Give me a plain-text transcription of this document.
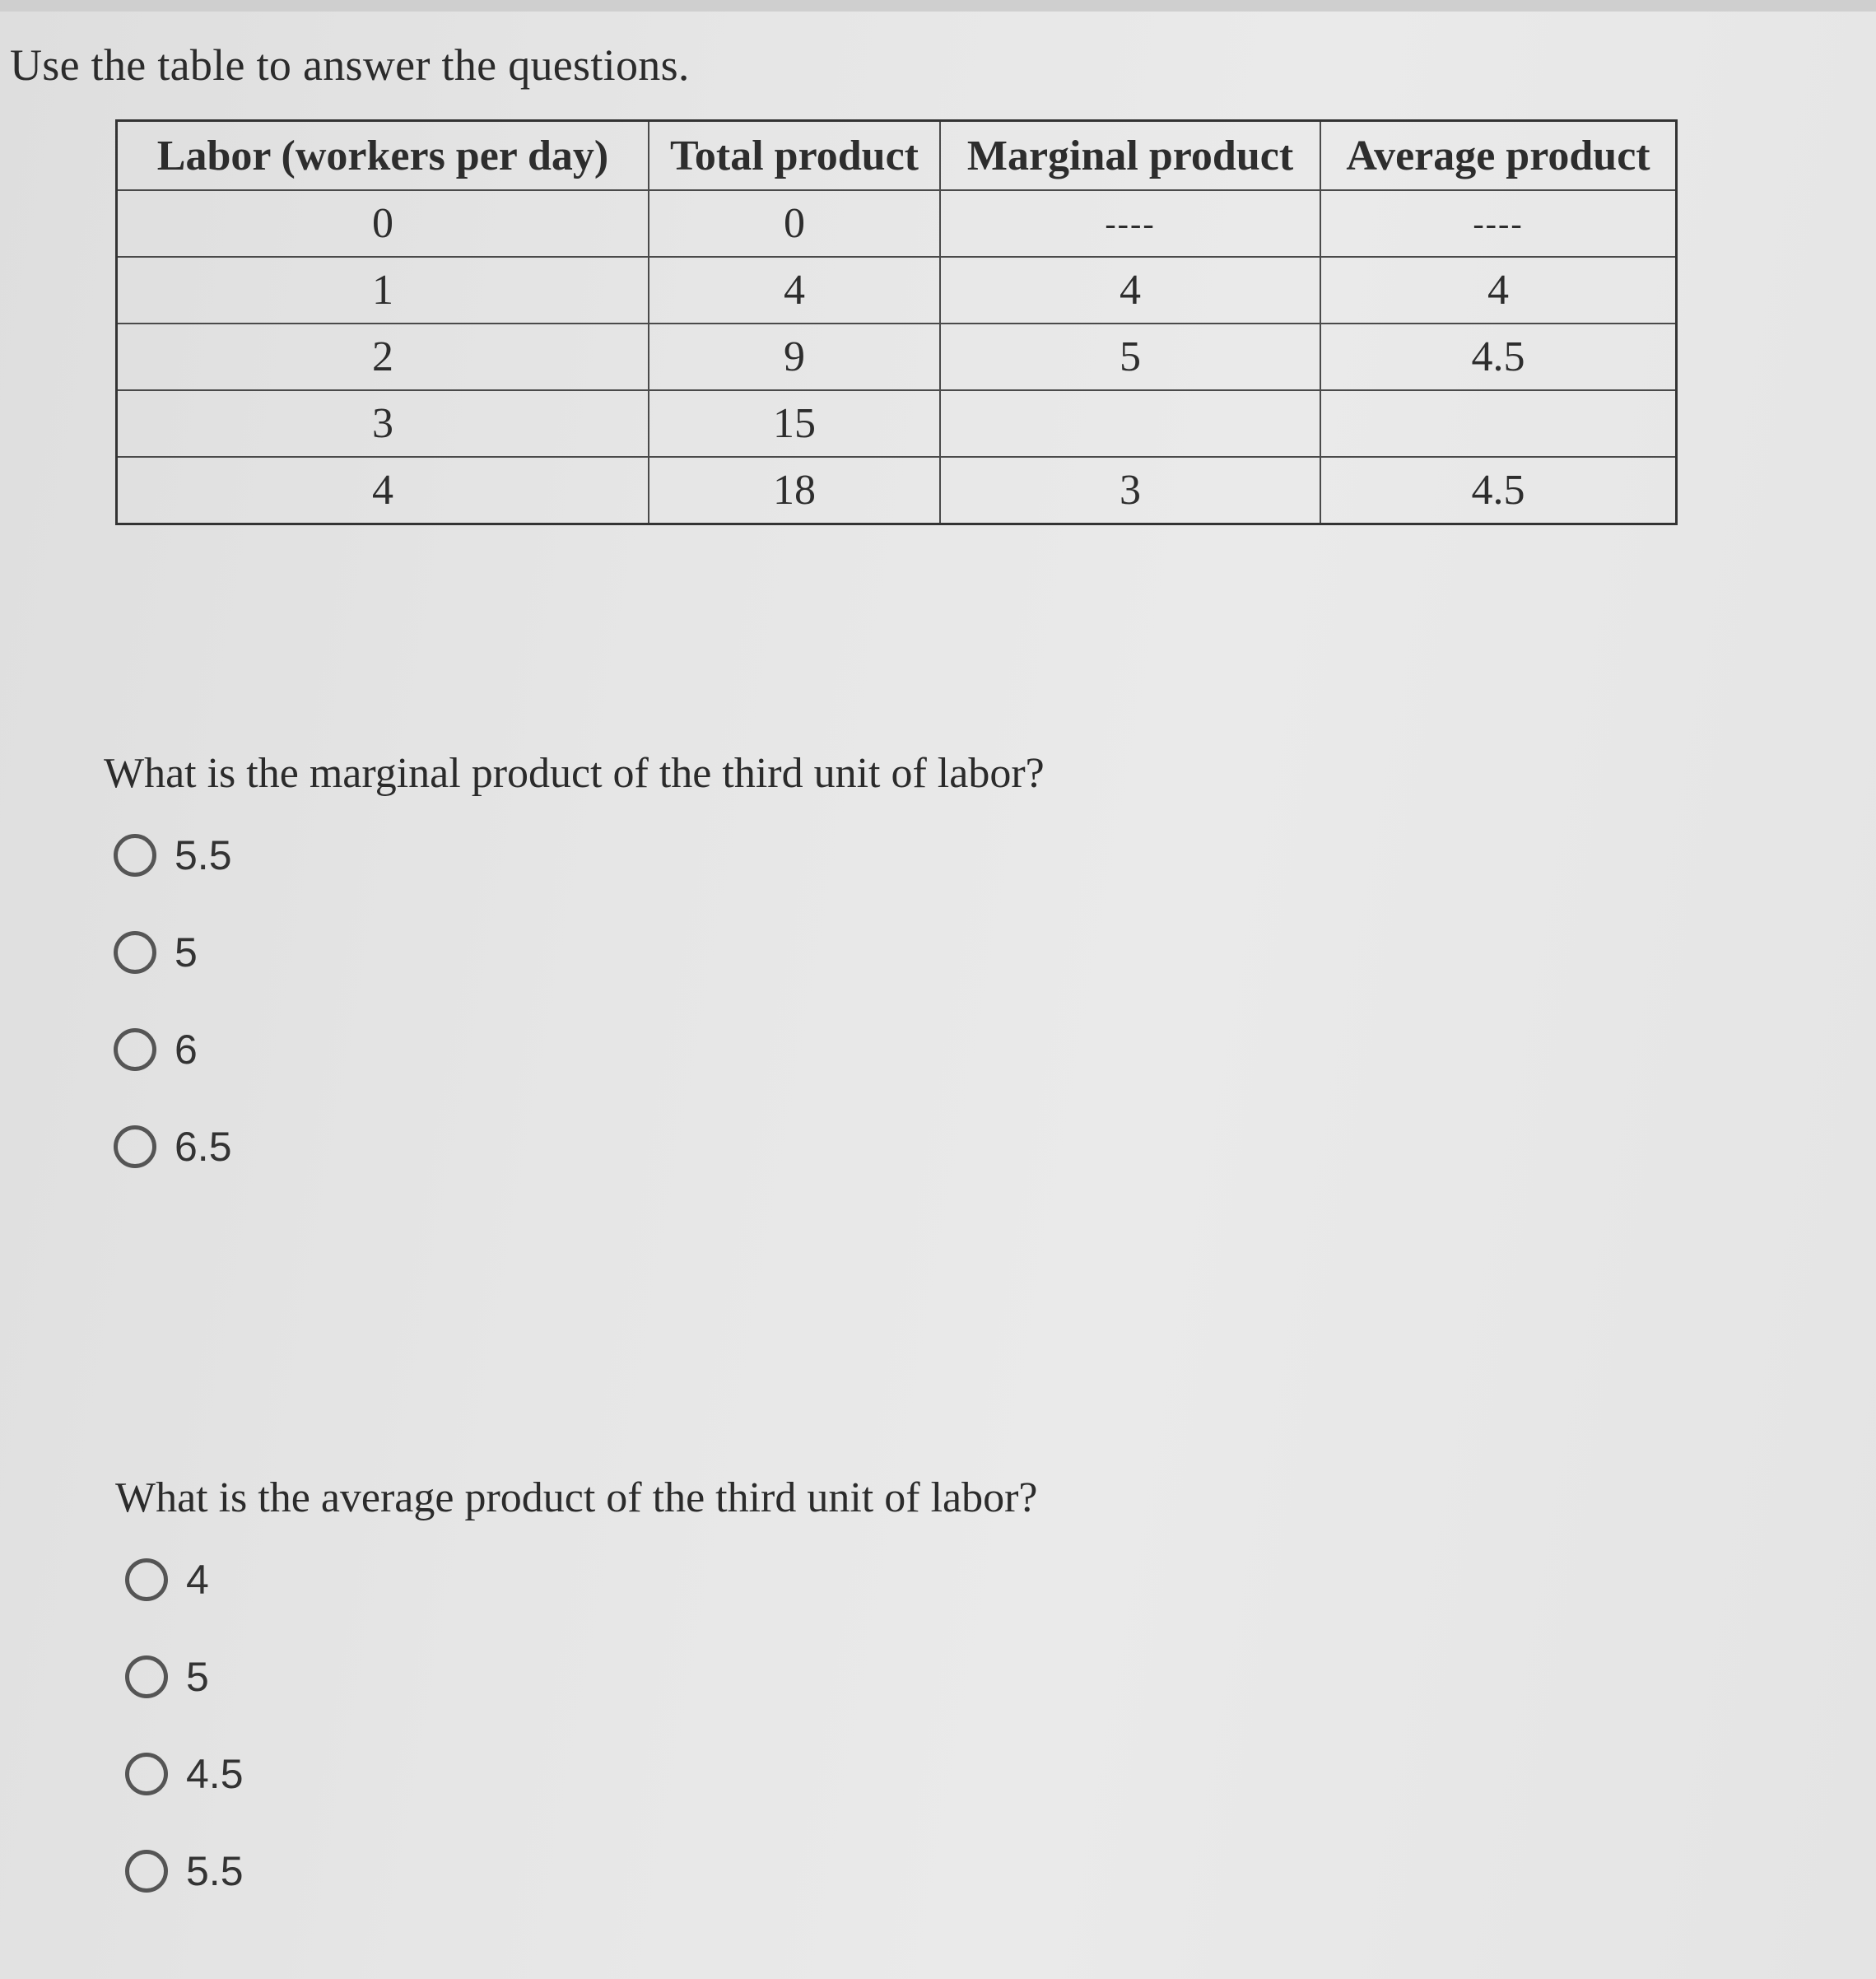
Use the table to answer the questions.
Labor (workers per day)	Total product	Marginal product	Average product
0	0	----	----
1	4	4	4
2	9	5	4.5
3	15		
4	18	3	4.5
What is the marginal product of the third unit of labor?
5.5
5
6
6.5
What is the average product of the third unit of labor?
4
5
4.5
5.5
